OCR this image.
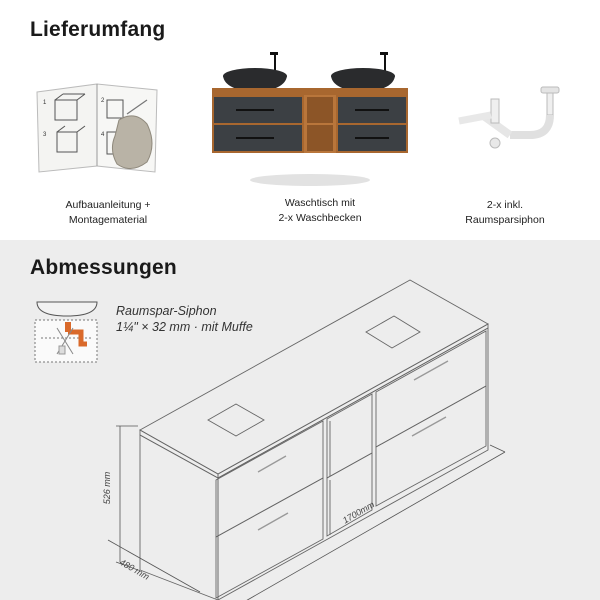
Lieferumfang
1
3
2
4
Aufbauanleitung +
Montagematerial
Waschtisch mit
2-x Waschbecken
2-x inkl.
Raumsparsiphon
Abmessungen
Raumspar-Siphon
1¼" × 32 mm · mit Muffe
526 mm
1700mm
480 mm
